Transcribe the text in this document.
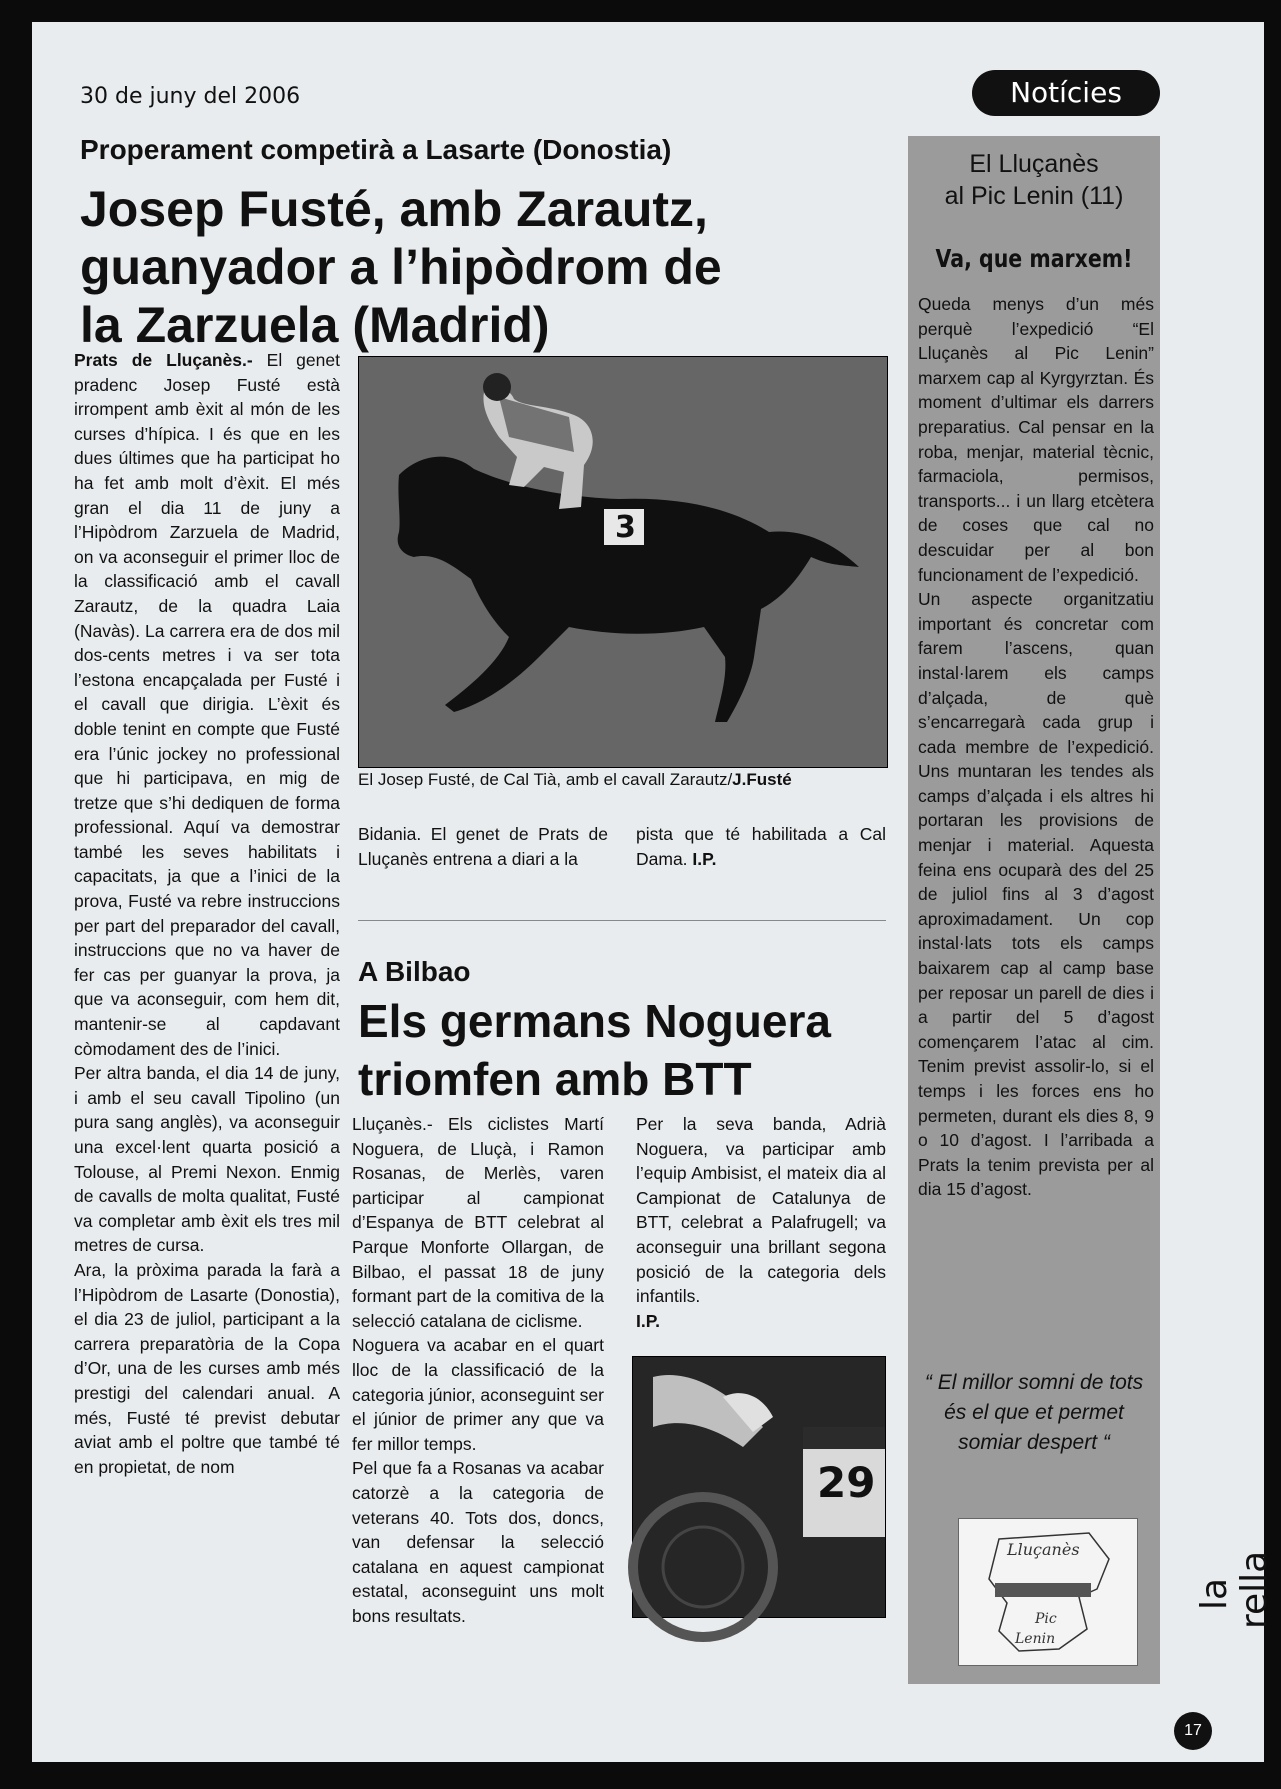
30 de juny del 2006	Notícies
Properament competirà a Lasarte (Donostia)
Josep Fusté, amb Zarautz, guanyador a l’hipòdrom de la Zarzuela (Madrid)

Prats de Lluçanès.- El genet pradenc Josep Fusté està irrompent amb èxit al món de les curses d’hípica. I és que en les dues últimes que ha participat ho ha fet amb molt d’èxit. El més gran el dia 11 de juny a l’Hipòdrom Zarzuela de Madrid, on va aconseguir el primer lloc de la classificació amb el cavall Zarautz, de la quadra Laia (Navàs). La carrera era de dos mil dos-cents metres i va ser tota l’estona encapçalada per Fusté i el cavall que dirigia. L’èxit és doble tenint en compte que Fusté era l’únic jockey no professional que hi participava, en mig de tretze que s’hi dediquen de forma professional. Aquí va demostrar també les seves habilitats i capacitats, ja que a l’inici de la prova, Fusté va rebre instruccions per part del preparador del cavall, instruccions que no va haver de fer cas per guanyar la prova, ja que va aconseguir, com hem dit, mantenir-se al capdavant còmodament des de l’inici.

Per altra banda, el dia 14 de juny, i amb el seu cavall Tipolino (un pura sang anglès), va aconseguir una excel·lent quarta posició a Tolouse, al Premi Nexon. Enmig de cavalls de molta qualitat, Fusté va completar amb èxit els tres mil metres de cursa.

Ara, la pròxima parada la farà a l’Hipòdrom de Lasarte (Donostia), el dia 23 de juliol, participant a la carrera preparatòria de la Copa d’Or, una de les curses amb més prestigi del calendari anual. A més, Fusté té previst debutar aviat amb el poltre que també té en propietat, de nom

3
El Josep Fusté, de Cal Tià, amb el cavall Zarautz/J.Fusté

Bidania. El genet de Prats de Lluçanès entrena a diari a la

pista que té habilitada a Cal Dama. I.P.

A Bilbao
Els germans Noguera triomfen amb BTT

Lluçanès.- Els ciclistes Martí Noguera, de Lluçà, i Ramon Rosanas, de Merlès, varen participar al campionat d’Espanya de BTT celebrat al Parque Monforte Ollargan, de Bilbao, el passat 18 de juny formant part de la comitiva de la selecció catalana de ciclisme.

Noguera va acabar en el quart lloc de la classificació de la categoria júnior, aconseguint ser el júnior de primer any que va fer millor temps.

Pel que fa a Rosanas va acabar catorzè a la categoria de veterans 40. Tots dos, doncs, van defensar la selecció catalana en aquest campionat estatal, aconseguint uns molt bons resultats.

Per la seva banda, Adrià Noguera, va participar amb l’equip Ambisist, el mateix dia al Campionat de Catalunya de BTT, celebrat a Palafrugell; va aconseguir una brillant segona posició de la categoria dels infantils.

I.P.

29
El Lluçanès
al Pic Lenin (11)
Va, que marxem!

Queda menys d’un més perquè l’expedició “El Lluçanès al Pic Lenin” marxem cap al Kyrgyrztan. És moment d’ultimar els darrers preparatius. Cal pensar en la roba, menjar, material tècnic, farmaciola, permisos, transports... i un llarg etcètera de coses que cal no descuidar per al bon funcionament de l’expedició.

Un aspecte organitzatiu important és concretar com farem l’ascens, quan instal·larem els camps d’alçada, de què s’encarregarà cada grup i cada membre de l’expedició. Uns muntaran les tendes als camps d’alçada i els altres hi portaran les provisions de menjar i material. Aquesta feina ens ocuparà des del 25 de juliol fins al 3 d’agost aproximadament. Un cop instal·lats tots els camps baixarem cap al camp base per reposar un parell de dies i a partir del 5 d’agost començarem l’atac al cim. Tenim previst assolir-lo, si el temps i les forces ens ho permeten, durant els dies 8, 9 o 10 d’agost. I l’arribada a Prats la tenim prevista per al dia 15 d’agost.

“ El millor somni de tots és el que et permet somiar despert “
Lluçanès
Pic
Lenin
la rella
17
